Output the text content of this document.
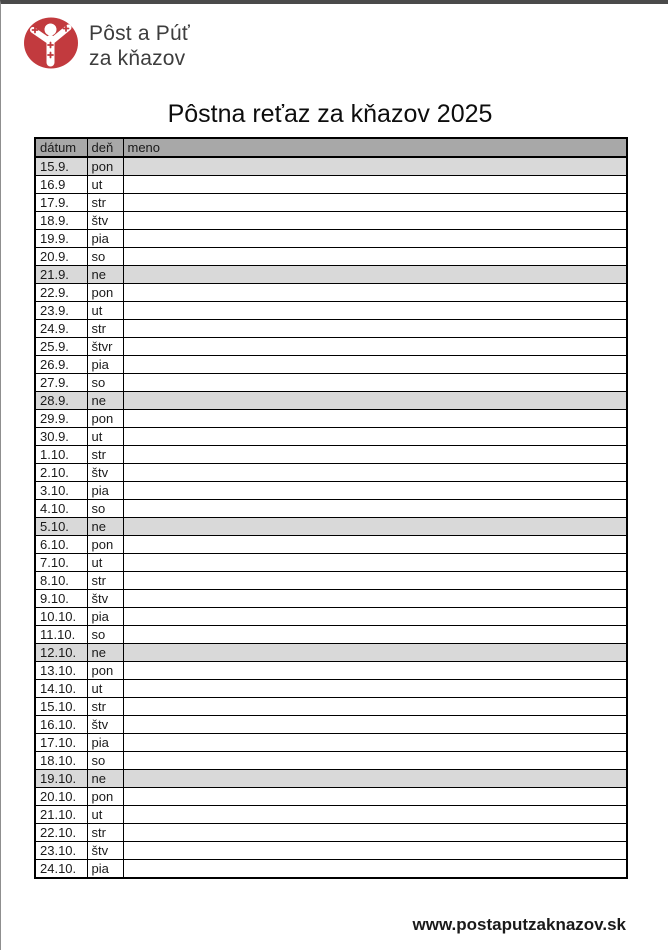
Pôst a Púť
za kňazov
Pôstna reťaz za kňazov 2025
dátum	deň	meno
15.9.	pon	
16.9	ut	
17.9.	str	
18.9.	štv	
19.9.	pia	
20.9.	so	
21.9.	ne	
22.9.	pon	
23.9.	ut	
24.9.	str	
25.9.	štvr	
26.9.	pia	
27.9.	so	
28.9.	ne	
29.9.	pon	
30.9.	ut	
1.10.	str	
2.10.	štv	
3.10.	pia	
4.10.	so	
5.10.	ne	
6.10.	pon	
7.10.	ut	
8.10.	str	
9.10.	štv	
10.10.	pia	
11.10.	so	
12.10.	ne	
13.10.	pon	
14.10.	ut	
15.10.	str	
16.10.	štv	
17.10.	pia	
18.10.	so	
19.10.	ne	
20.10.	pon	
21.10.	ut	
22.10.	str	
23.10.	štv	
24.10.	pia	
www.postaputzaknazov.sk
